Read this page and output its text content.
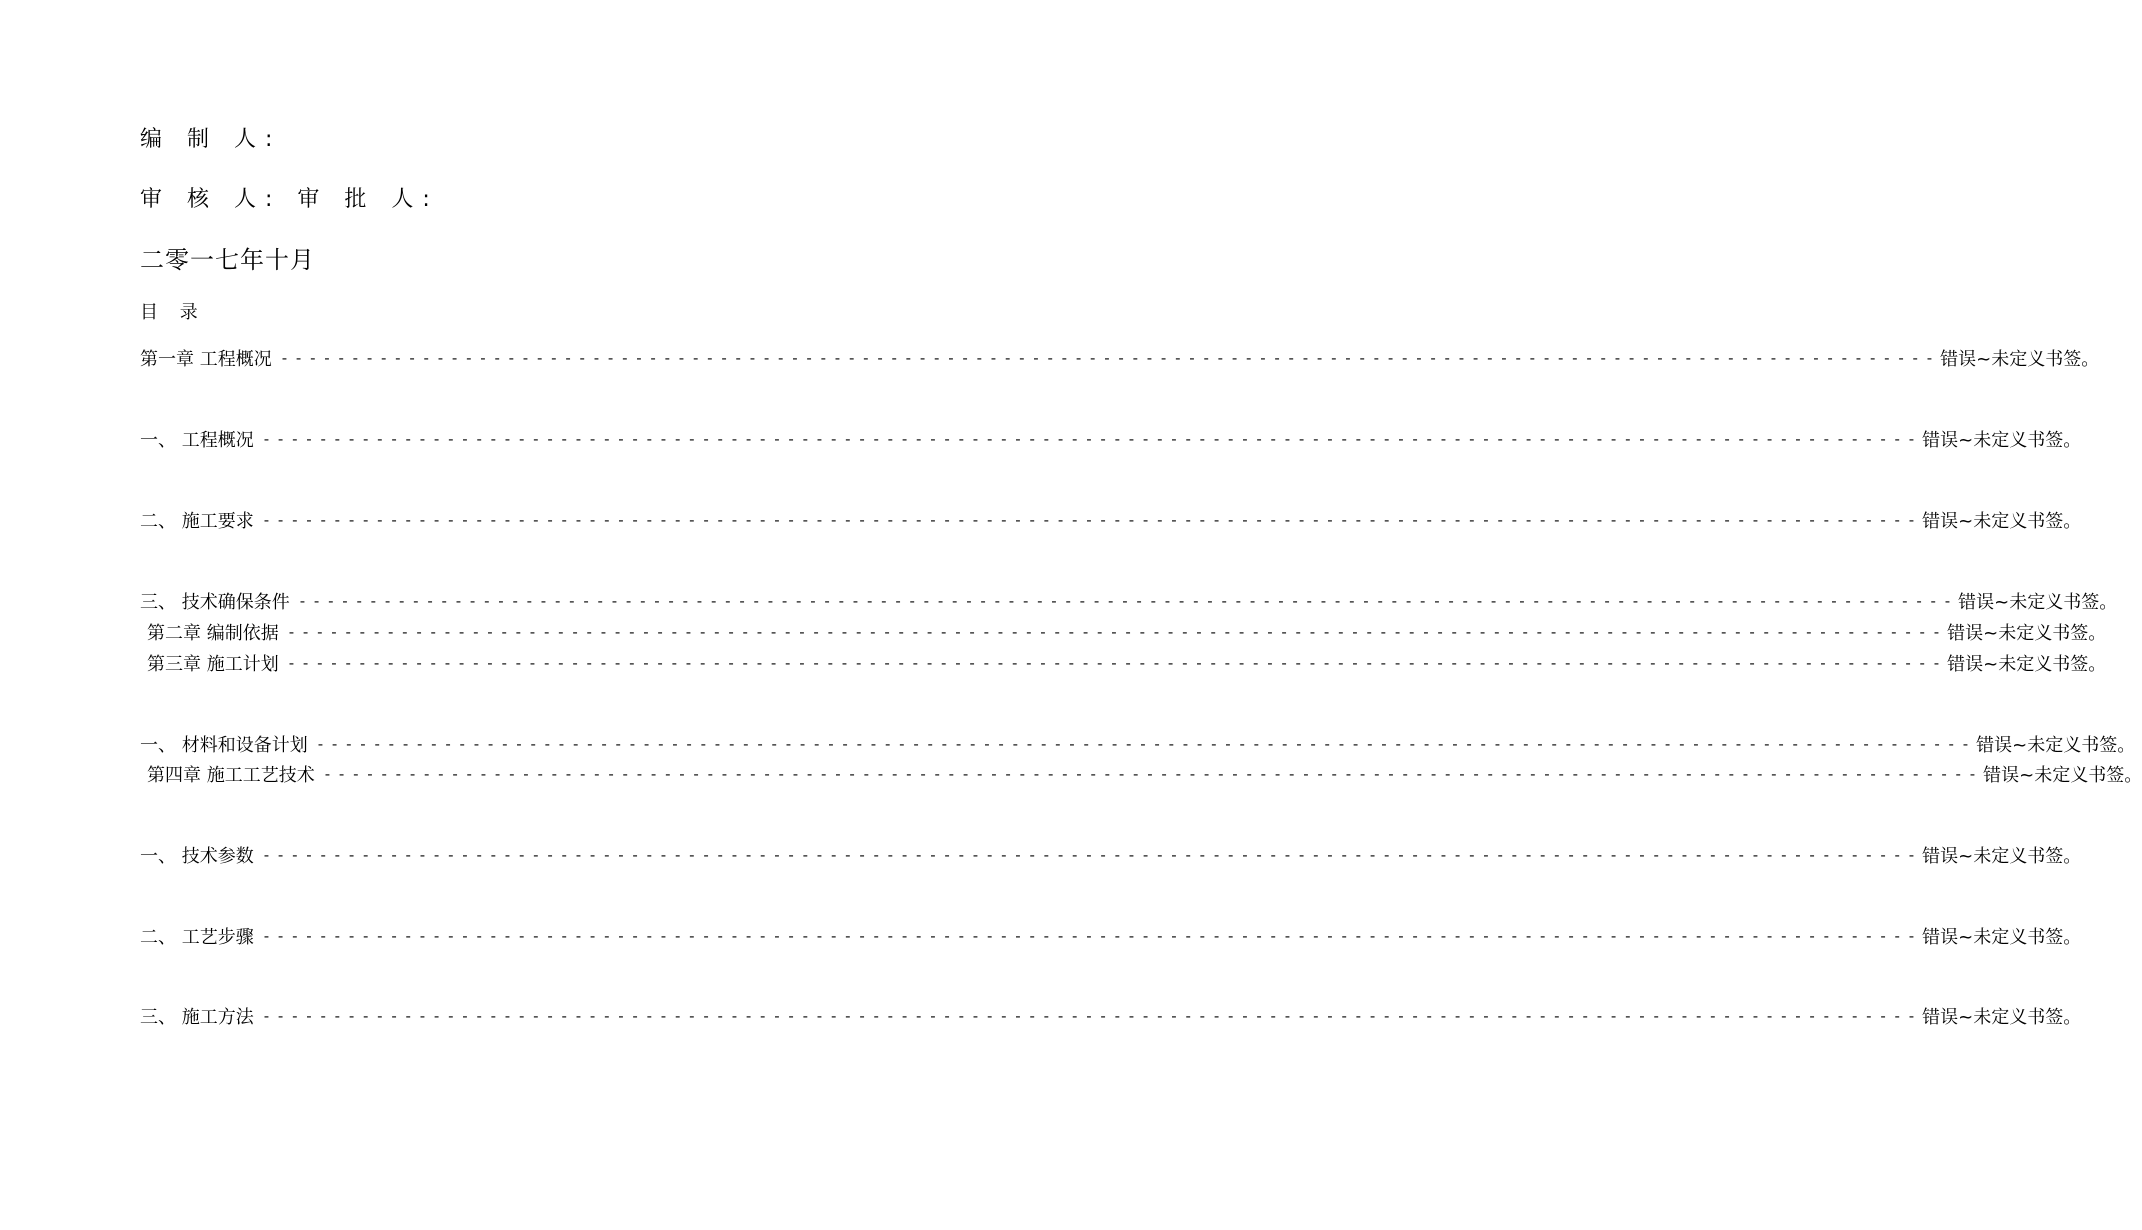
编 制 人:
审 核 人: 审 批 人:
二零一七年十月
目 录
第一章 工程概况 - - - - - - - - - - - - - - - - - - - - - - - - - - - - - - - - - - - - - - - - - - - - - - - - - - - - - - - - - - - - - - - - - - - - - - - - - - - - - - - - - - - - - - - - - - - - - - - - - - - - - - - - - - - - - - - - - - - - - 错误~未定义书签。
一、 工程概况 - - - - - - - - - - - - - - - - - - - - - - - - - - - - - - - - - - - - - - - - - - - - - - - - - - - - - - - - - - - - - - - - - - - - - - - - - - - - - - - - - - - - - - - - - - - - - - - - - - - - - - - - - - - - - - - - - - - - - 错误~未定义书签。
二、 施工要求 - - - - - - - - - - - - - - - - - - - - - - - - - - - - - - - - - - - - - - - - - - - - - - - - - - - - - - - - - - - - - - - - - - - - - - - - - - - - - - - - - - - - - - - - - - - - - - - - - - - - - - - - - - - - - - - - - - - - - 错误~未定义书签。
三、 技术确保条件 - - - - - - - - - - - - - - - - - - - - - - - - - - - - - - - - - - - - - - - - - - - - - - - - - - - - - - - - - - - - - - - - - - - - - - - - - - - - - - - - - - - - - - - - - - - - - - - - - - - - - - - - - - - - - - - - - - - - - 错误~未定义书签。
第二章 编制依据 - - - - - - - - - - - - - - - - - - - - - - - - - - - - - - - - - - - - - - - - - - - - - - - - - - - - - - - - - - - - - - - - - - - - - - - - - - - - - - - - - - - - - - - - - - - - - - - - - - - - - - - - - - - - - - - - - - - - - 错误~未定义书签。
第三章 施工计划 - - - - - - - - - - - - - - - - - - - - - - - - - - - - - - - - - - - - - - - - - - - - - - - - - - - - - - - - - - - - - - - - - - - - - - - - - - - - - - - - - - - - - - - - - - - - - - - - - - - - - - - - - - - - - - - - - - - - - 错误~未定义书签。
一、 材料和设备计划 - - - - - - - - - - - - - - - - - - - - - - - - - - - - - - - - - - - - - - - - - - - - - - - - - - - - - - - - - - - - - - - - - - - - - - - - - - - - - - - - - - - - - - - - - - - - - - - - - - - - - - - - - - - - - - - - - - - - - 错误~未定义书签。
第四章 施工工艺技术 - - - - - - - - - - - - - - - - - - - - - - - - - - - - - - - - - - - - - - - - - - - - - - - - - - - - - - - - - - - - - - - - - - - - - - - - - - - - - - - - - - - - - - - - - - - - - - - - - - - - - - - - - - - - - - - - - - - - - 错误~未定义书签。
一、 技术参数 - - - - - - - - - - - - - - - - - - - - - - - - - - - - - - - - - - - - - - - - - - - - - - - - - - - - - - - - - - - - - - - - - - - - - - - - - - - - - - - - - - - - - - - - - - - - - - - - - - - - - - - - - - - - - - - - - - - - - 错误~未定义书签。
二、 工艺步骤 - - - - - - - - - - - - - - - - - - - - - - - - - - - - - - - - - - - - - - - - - - - - - - - - - - - - - - - - - - - - - - - - - - - - - - - - - - - - - - - - - - - - - - - - - - - - - - - - - - - - - - - - - - - - - - - - - - - - - 错误~未定义书签。
三、 施工方法 - - - - - - - - - - - - - - - - - - - - - - - - - - - - - - - - - - - - - - - - - - - - - - - - - - - - - - - - - - - - - - - - - - - - - - - - - - - - - - - - - - - - - - - - - - - - - - - - - - - - - - - - - - - - - - - - - - - - - 错误~未定义书签。
